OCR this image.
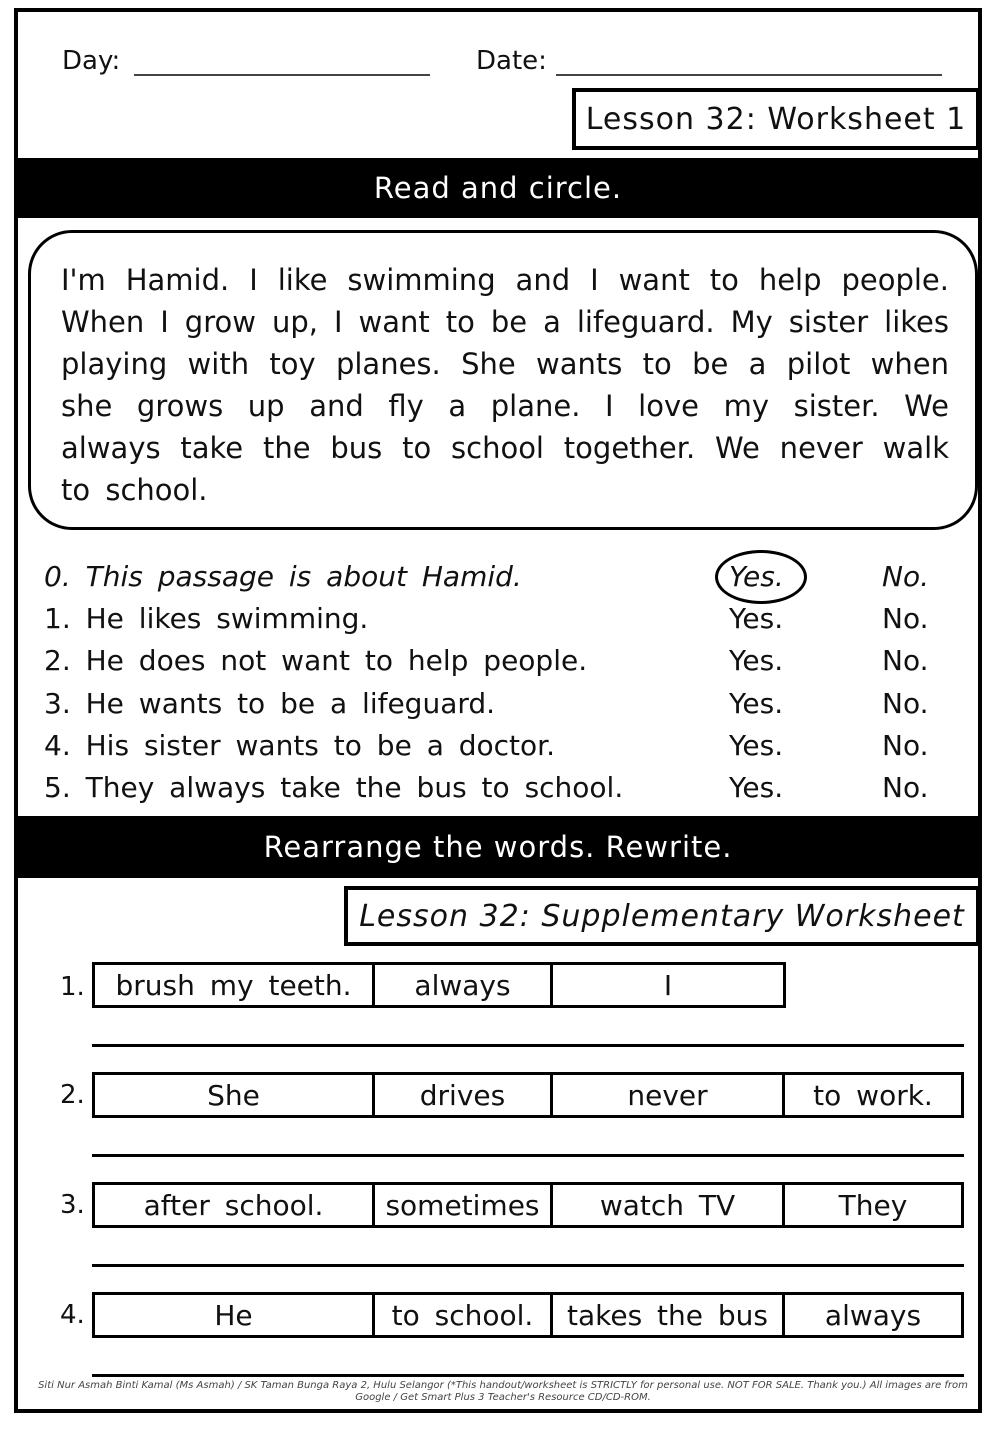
Day:	Date:
Lesson 32: Worksheet 1
Read and circle.
I'm Hamid. I like swimming and I want to help people. When I grow up, I want to be a lifeguard. My sister likes playing with toy planes. She wants to be a pilot when she grows up and fly a plane. I love my sister. We always take the bus to school together. We never walk to school.
0. This passage is about Hamid.	Yes.	No.
1. He likes swimming.	Yes.	No.
2. He does not want to help people.	Yes.	No.
3. He wants to be a lifeguard.	Yes.	No.
4. His sister wants to be a doctor.	Yes.	No.
5. They always take the bus to school.	Yes.	No.
Rearrange the words. Rewrite.
Lesson 32: Supplementary Worksheet
1.	brush my teeth.	always	I
2.	She	drives	never	to work.
3.	after school.	sometimes	watch TV	They
4.	He	to school.	takes the bus	always
Siti Nur Asmah Binti Kamal (Ms Asmah) / SK Taman Bunga Raya 2, Hulu Selangor (*This handout/worksheet is STRICTLY for personal use. NOT FOR SALE. Thank you.) All images are from
Google / Get Smart Plus 3 Teacher's Resource CD/CD-ROM.
